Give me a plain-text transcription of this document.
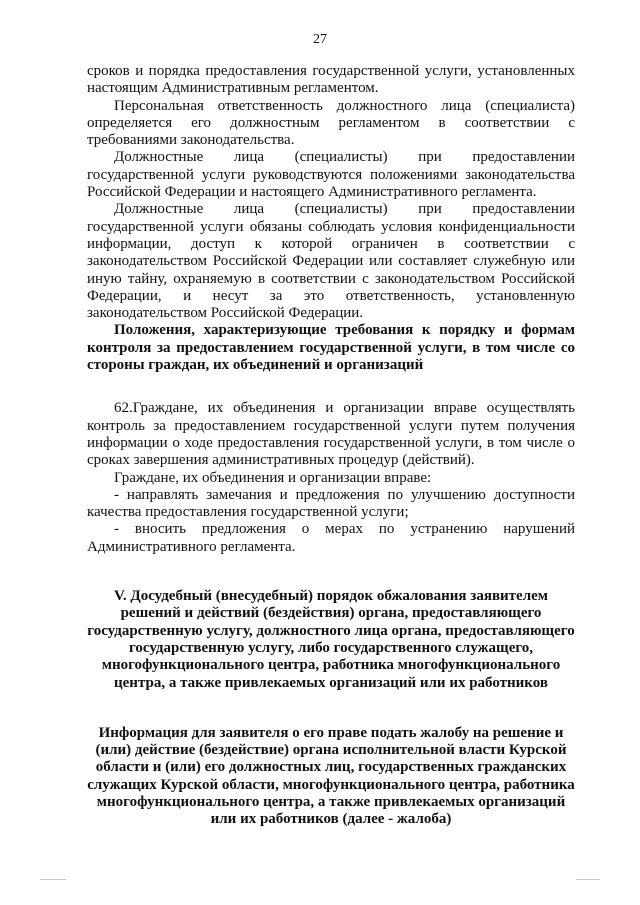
27

сроков и порядка предоставления государственной услуги, установленных настоящим Административным регламентом.

Персональная ответственность должностного лица (специалиста) определяется его должностным регламентом в соответствии с требованиями законодательства.

Должностные лица (специалисты) при предоставлении государственной услуги руководствуются положениями законодательства Российской Федерации и настоящего Административного регламента.

Должностные лица (специалисты) при предоставлении государственной услуги обязаны соблюдать условия конфиденциальности информации, доступ к которой ограничен в соответствии с законодательством Российской Федерации или составляет служебную или иную тайну, охраняемую в соответствии с законодательством Российской Федерации, и несут за это ответственность, установленную законодательством Российской Федерации.

Положения, характеризующие требования к порядку и формам контроля за предоставлением государственной услуги, в том числе со стороны граждан, их объединений и организаций

62.Граждане, их объединения и организации вправе осуществлять контроль за предоставлением государственной услуги путем получения информации о ходе предоставления государственной услуги, в том числе о сроках завершения административных процедур (действий).

Граждане, их объединения и организации вправе:

- направлять замечания и предложения по улучшению доступности качества предоставления государственной услуги;

- вносить предложения о мерах по устранению нарушений Административного регламента.

V. Досудебный (внесудебный) порядок обжалования заявителем решений и действий (бездействия) органа, предоставляющего государственную услугу, должностного лица органа, предоставляющего государственную услугу, либо государственного служащего, многофункционального центра, работника многофункционального центра, а также привлекаемых организаций или их работников

Информация для заявителя о его праве подать жалобу на решение и (или) действие (бездействие) органа исполнительной власти Курской области и (или) его должностных лиц, государственных гражданских служащих Курской области, многофункционального центра, работника многофункционального центра, а также привлекаемых организаций или их работников (далее - жалоба)
